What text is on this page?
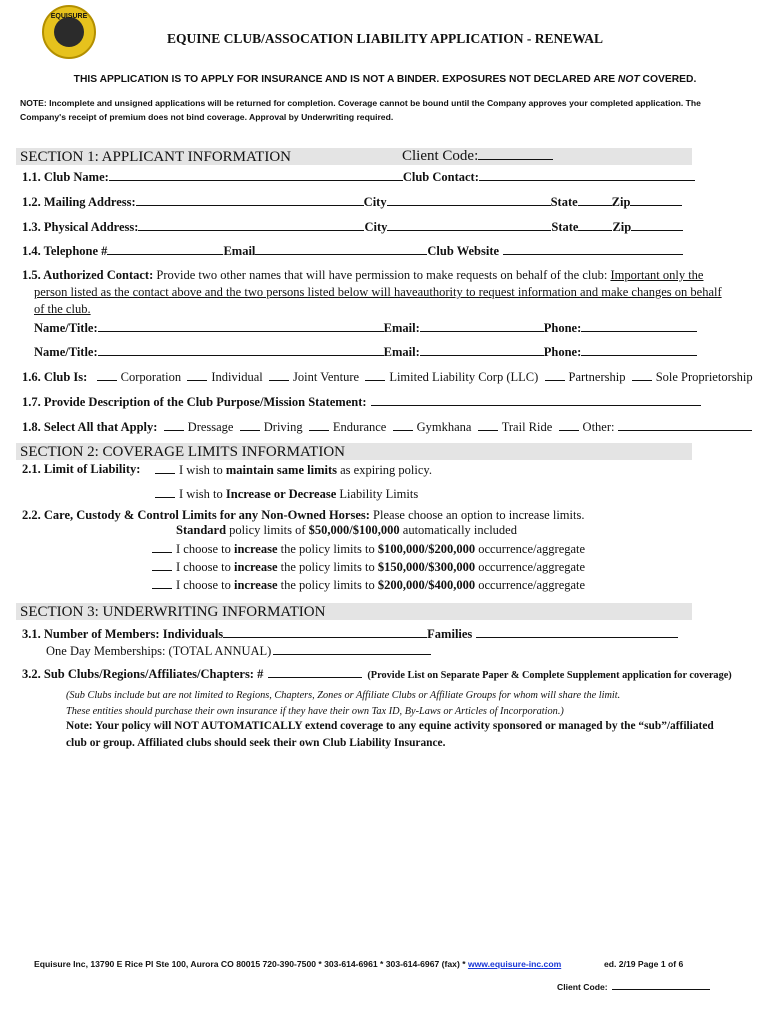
EQUISURE
EQUINE CLUB/ASSOCATION LIABILITY APPLICATION - RENEWAL
THIS APPLICATION IS TO APPLY FOR INSURANCE AND IS NOT A BINDER. EXPOSURES NOT DECLARED ARE NOT COVERED.
NOTE: Incomplete and unsigned applications will be returned for completion. Coverage cannot be bound until the Company approves your completed application. The
Company's receipt of premium does not bind coverage. Approval by Underwriting required.
SECTION 1: APPLICANT INFORMATION	Client Code:
1.1. Club Name:	Club Contact:
1.2. Mailing Address:	City	State	Zip
1.3. Physical Address:	City	State	Zip
1.4. Telephone #	Email	Club Website
1.5. Authorized Contact: Provide two other names that will have permission to make requests on behalf of the club: Important only the
person listed as the contact above and the two persons listed below will haveauthority to request information and make changes on behalf
of the club.
Name/Title:	Email:	Phone:
Name/Title:	Email:	Phone:
1.6. Club Is:	Corporation Individual Joint Venture Limited Liability Corp (LLC) Partnership Sole Proprietorship
1.7. Provide Description of the Club Purpose/Mission Statement:
1.8. Select All that Apply: Dressage Driving Endurance Gymkhana Trail Ride Other:
SECTION 2: COVERAGE LIMITS INFORMATION
2.1. Limit of Liability:	I wish to maintain same limits as expiring policy.
I wish to Increase or Decrease Liability Limits
2.2. Care, Custody & Control Limits for any Non-Owned Horses: Please choose an option to increase limits.
Standard policy limits of $50,000/$100,000 automatically included
I choose to increase the policy limits to $100,000/$200,000 occurrence/aggregate
I choose to increase the policy limits to $150,000/$300,000 occurrence/aggregate
I choose to increase the policy limits to $200,000/$400,000 occurrence/aggregate
SECTION 3: UNDERWRITING INFORMATION
3.1. Number of Members: Individuals	Families
One Day Memberships: (TOTAL ANNUAL)
3.2. Sub Clubs/Regions/Affiliates/Chapters: #	(Provide List on Separate Paper & Complete Supplement application for coverage)
(Sub Clubs include but are not limited to Regions, Chapters, Zones or Affiliate Clubs or Affiliate Groups for whom will share the limit.
These entities should purchase their own insurance if they have their own Tax ID, By-Laws or Articles of Incorporation.)
Note: Your policy will NOT AUTOMATICALLY extend coverage to any equine activity sponsored or managed by the “sub”/affiliated
club or group. Affiliated clubs should seek their own Club Liability Insurance.
Equisure Inc, 13790 E Rice Pl Ste 100, Aurora CO 80015 720-390-7500 * 303-614-6961 * 303-614-6967 (fax) * www.equisure-inc.com	ed. 2/19 Page 1 of 6
Client Code:
